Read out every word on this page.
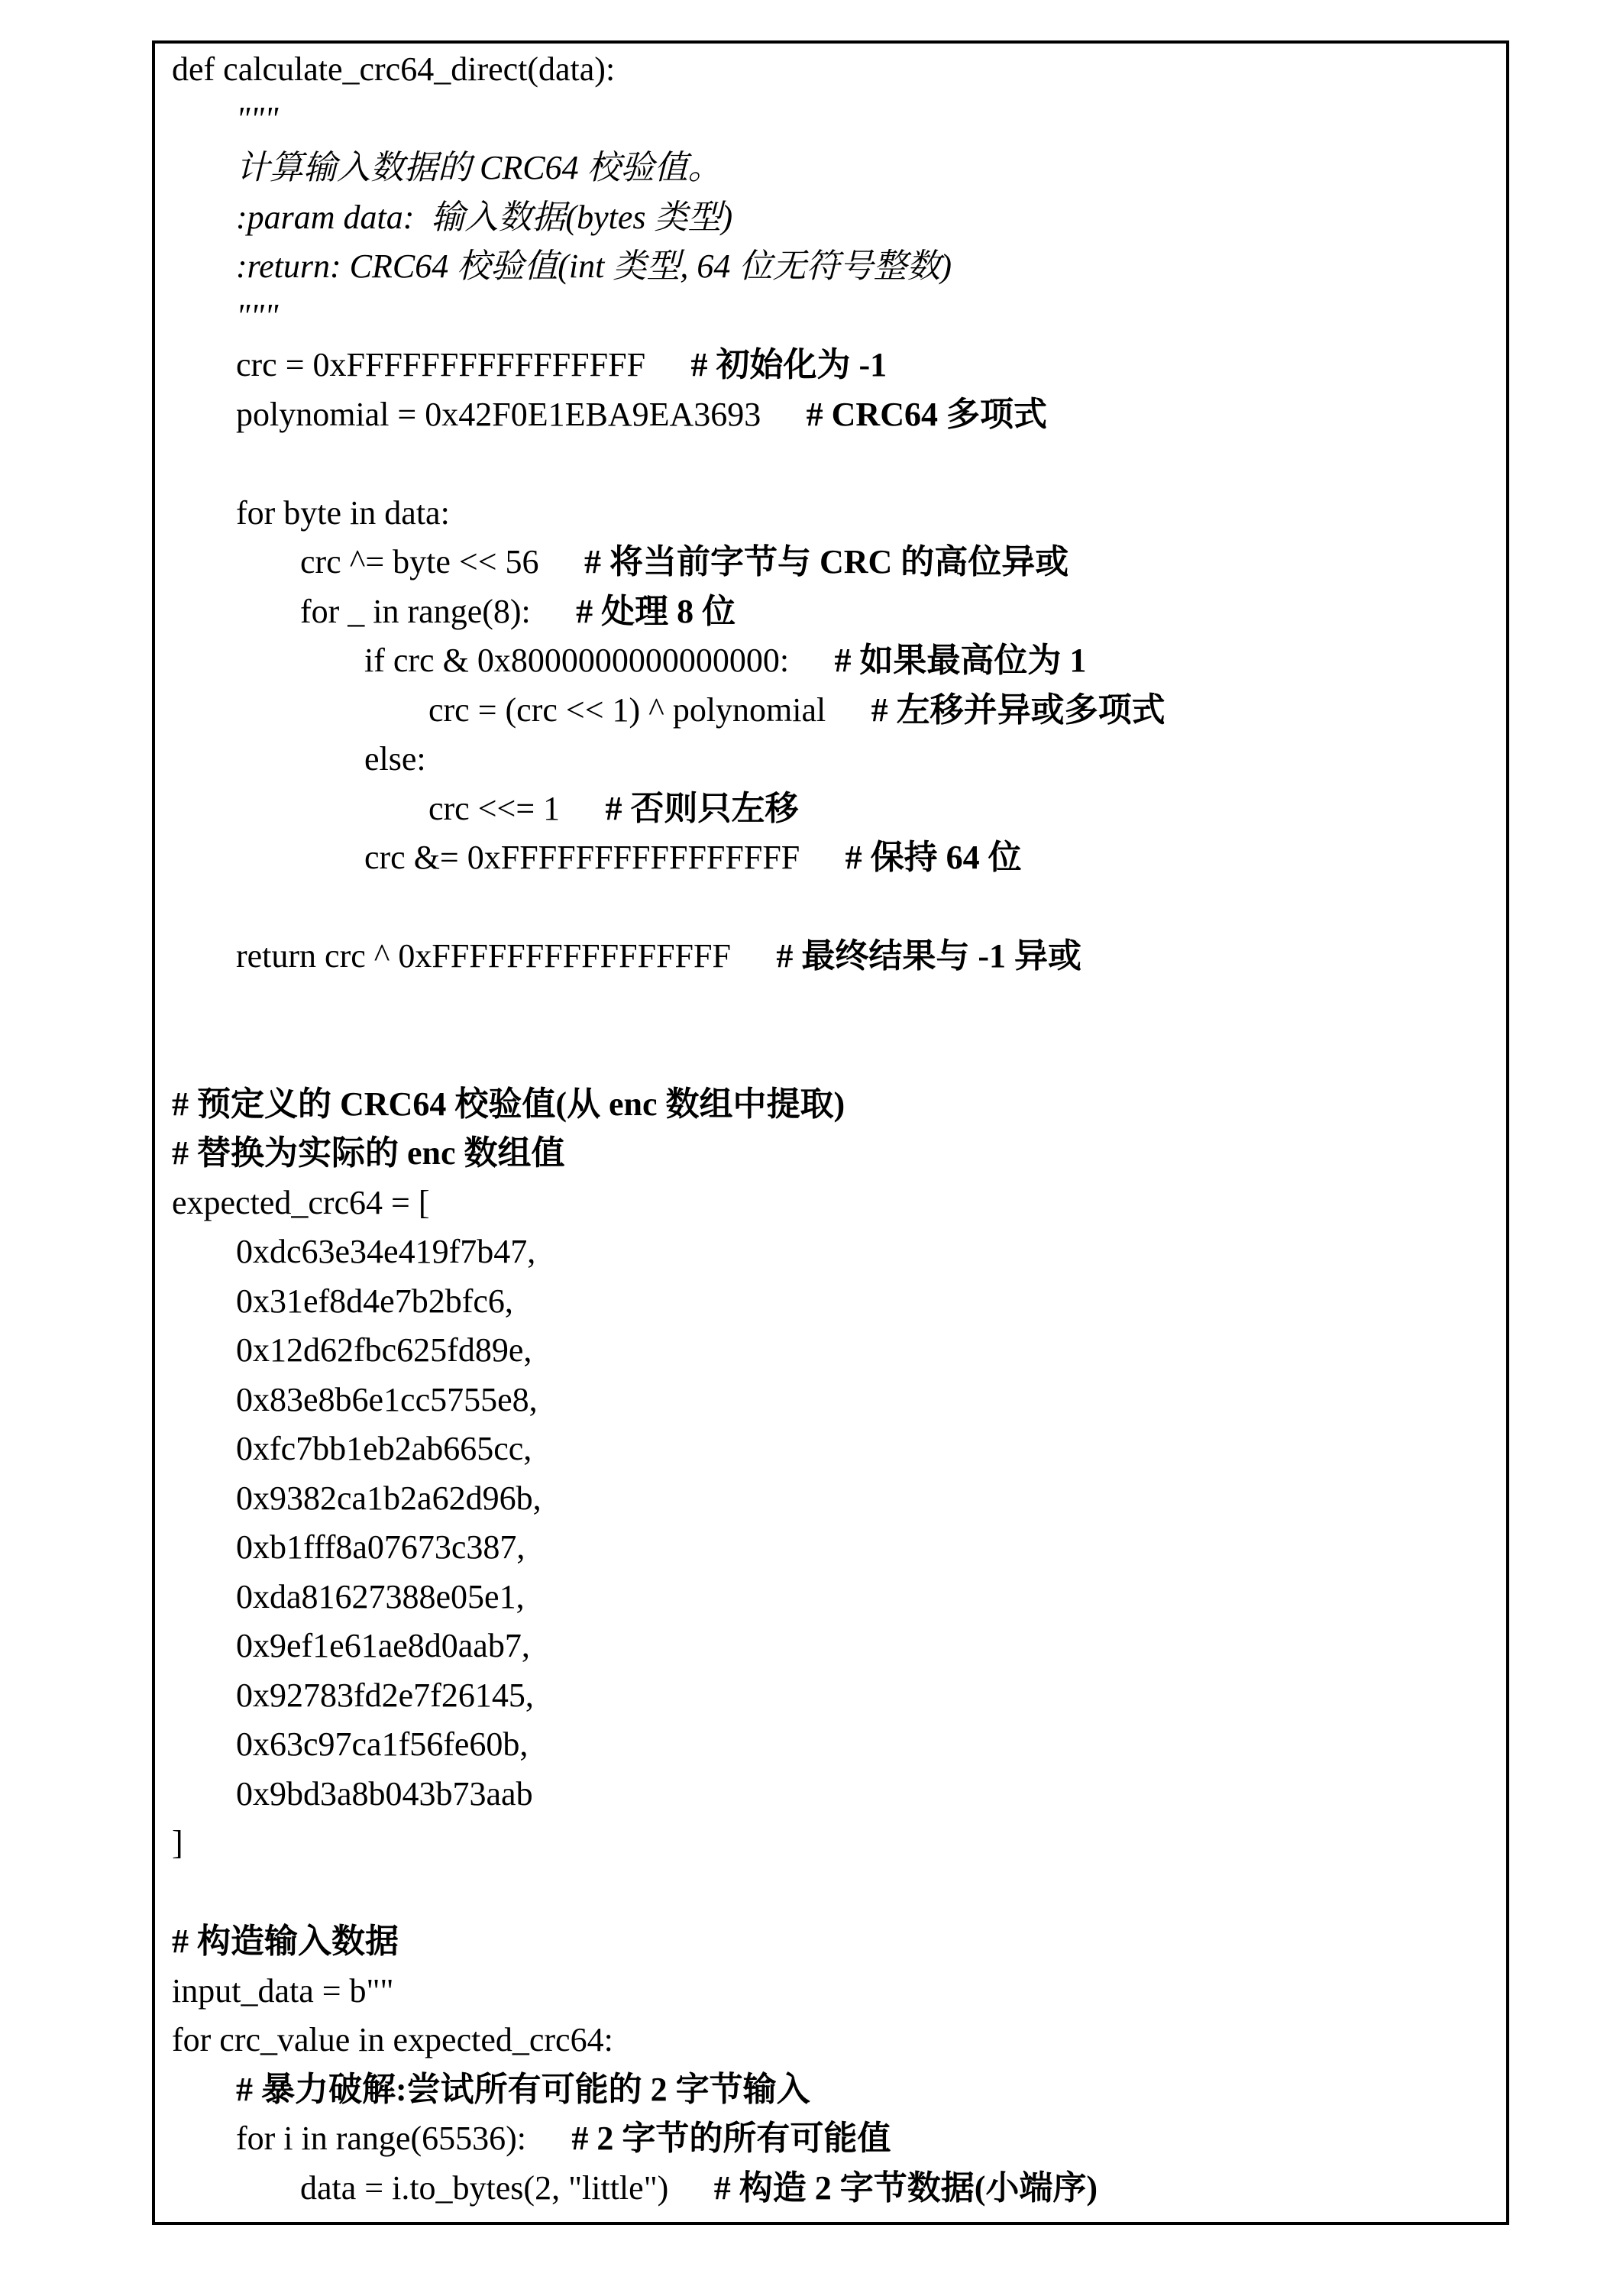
def calculate_crc64_direct(data):
"""
计算输入数据的 CRC64 校验值。
:param data:  输入数据(bytes 类型)
:return: CRC64 校验值(int 类型, 64 位无符号整数)
"""
crc = 0xFFFFFFFFFFFFFFFF # 初始化为 -1
polynomial = 0x42F0E1EBA9EA3693 # CRC64 多项式

for byte in data:
crc ^= byte << 56 # 将当前字节与 CRC 的高位异或
for _ in range(8): # 处理 8 位
if crc & 0x8000000000000000: # 如果最高位为 1
crc = (crc << 1) ^ polynomial # 左移并异或多项式
else:
crc <<= 1 # 否则只左移
crc &= 0xFFFFFFFFFFFFFFFF # 保持 64 位

return crc ^ 0xFFFFFFFFFFFFFFFF # 最终结果与 -1 异或

# 预定义的 CRC64 校验值(从 enc 数组中提取)
# 替换为实际的 enc 数组值
expected_crc64 = [
0xdc63e34e419f7b47,
0x31ef8d4e7b2bfc6,
0x12d62fbc625fd89e,
0x83e8b6e1cc5755e8,
0xfc7bb1eb2ab665cc,
0x9382ca1b2a62d96b,
0xb1fff8a07673c387,
0xda81627388e05e1,
0x9ef1e61ae8d0aab7,
0x92783fd2e7f26145,
0x63c97ca1f56fe60b,
0x9bd3a8b043b73aab
]

# 构造输入数据
input_data = b""
for crc_value in expected_crc64:
# 暴力破解:尝试所有可能的 2 字节输入
for i in range(65536): # 2 字节的所有可能值
data = i.to_bytes(2, "little") # 构造 2 字节数据(小端序)
